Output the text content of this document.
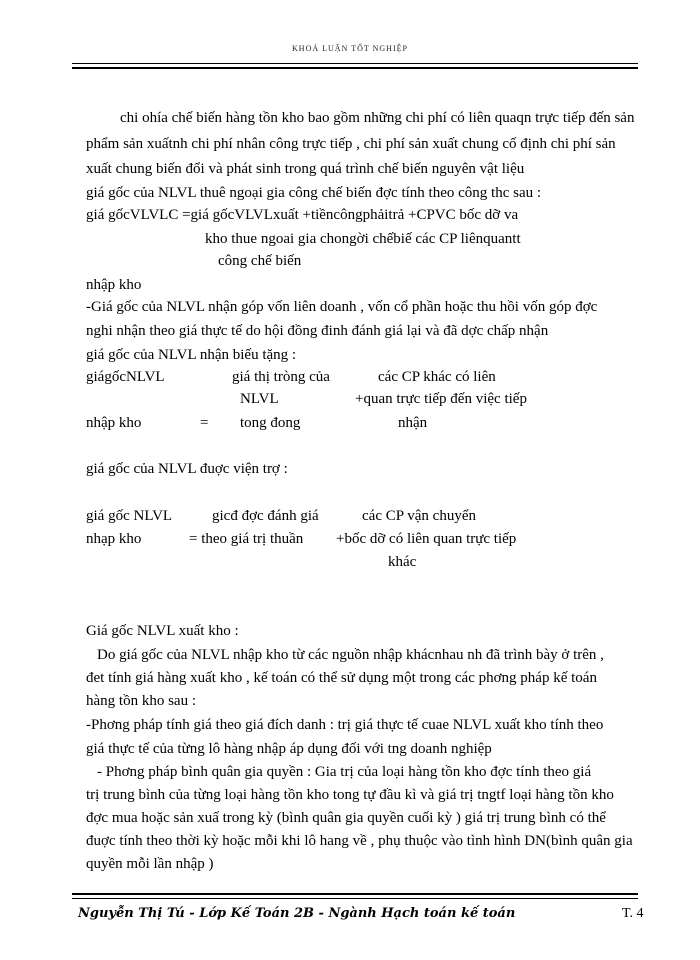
KHOÁ LUẬN TỐT NGHIỆP
chi ohía chế biến hàng tồn kho bao gồm những chi phí có liên quaqn trực tiếp đến sản
phẩm sản xuấtnh chi phí nhân công trực tiếp , chi phí sản xuất chung cố định chi phí sản
xuất chung biến đổi và phát sinh trong quá trình chế biến nguyên vật liệu
giá gốc của NLVL thuê ngoại gia công chế biến đợc tính theo công thc sau :
giá gốcVLVLC =giá gốcVLVLxuất +tiềncôngphảitrả +CPVC bốc dỡ va
kho thue ngoai gia chongời chếbiế các CP liênquantt
công chế biến
nhập kho
-Giá gốc của NLVL nhận góp vốn liên doanh , vốn cổ phần hoặc thu hồi vốn góp đợc
nghi nhận theo giá thực tế do hội đồng đinh đánh giá lại và đã dợc chấp nhận
giá gốc của NLVL nhận biếu tặng :
giágốcNLVL	giá thị tròng của	các CP khác có liên
NLVL	+quan trực tiếp đến việc tiếp
nhập kho	= tong đong	nhận
giá gốc của NLVL đuợc viện trợ :
giá gốc NLVL	gicđ đợc đánh giá	các CP vận chuyển
nhạp kho	= theo giá trị thuần +bốc dỡ có liên quan trực tiếp
khác
Giá gốc NLVL xuất kho :
Do giá gốc của NLVL nhập kho từ các nguồn nhập khácnhau nh đã trình bày ở trên ,
đet tính giá hàng xuất kho , kế toán có thể sử dụng một trong các phơng pháp kế toán
hàng tồn kho sau :
-Phơng pháp tính giá theo giá đích danh : trị giá thực tế cuae NLVL xuất kho tính theo
giá thực tế của từng lô hàng nhập áp dụng đối với tng doanh nghiệp
- Phơng pháp bình quân gia quyền : Gia trị của loại hàng tồn kho đợc tính theo giá
trị trung bình của từng loại hàng tồn kho tong tự đầu kì và giá trị tngtf loại hàng tồn kho
đợc mua hoặc sản xuấ trong kỳ (bình quân gia quyền cuối kỳ ) giá trị trung bình có thể
đuợc tính theo thời kỳ hoặc mỗi khi lô hang về , phụ thuộc vào tình hình DN(bình quân gia
quyền mỗi lần nhập )
Nguyễn Thị Tú - Lớp Kế Toán 2B - Ngành Hạch toán kế toán	T. 4
